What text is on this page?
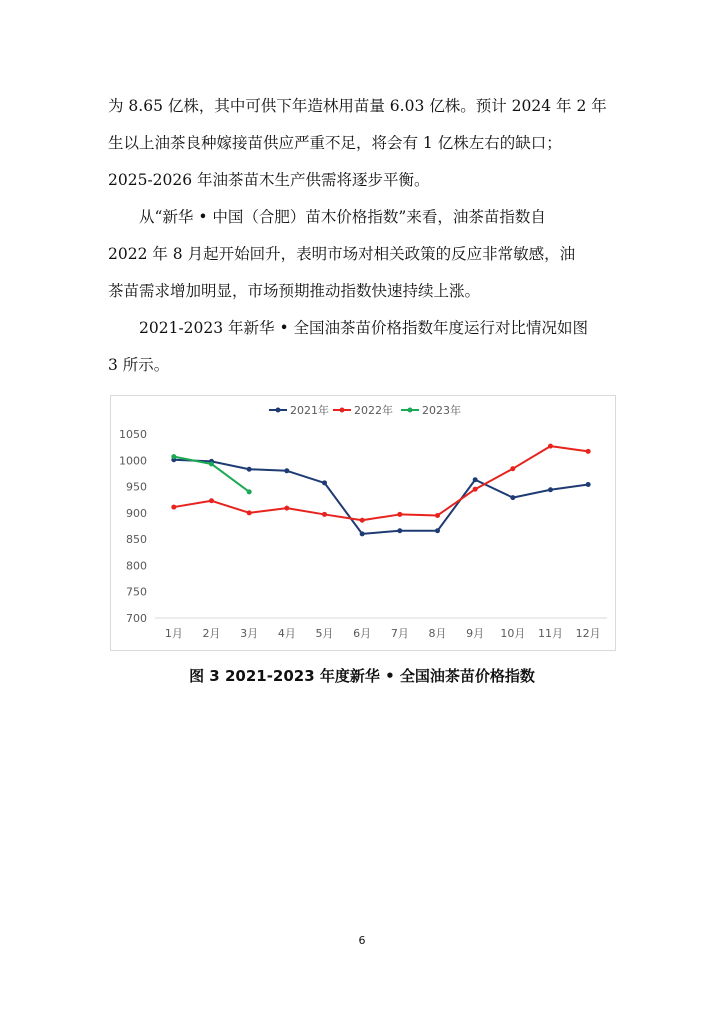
为 8.65 亿株，其中可供下年造林用苗量 6.03 亿株。预计 2024 年 2 年
生以上油茶良种嫁接苗供应严重不足，将会有 1 亿株左右的缺口；
2025-2026 年油茶苗木生产供需将逐步平衡。
从“新华 • 中国（合肥）苗木价格指数”来看，油茶苗指数自
2022 年 8 月起开始回升，表明市场对相关政策的反应非常敏感，油
茶苗需求增加明显，市场预期推动指数快速持续上涨。
2021-2023 年新华 • 全国油茶苗价格指数年度运行对比情况如图
3 所示。
2021年 2022年	2023年
700
750
800
850
900
950
1000
1050
1月 2月 3月 4月 5月 6月 7月 8月 9月 10月 11月 12月
图 3 2021-2023 年度新华 • 全国油茶苗价格指数
6
